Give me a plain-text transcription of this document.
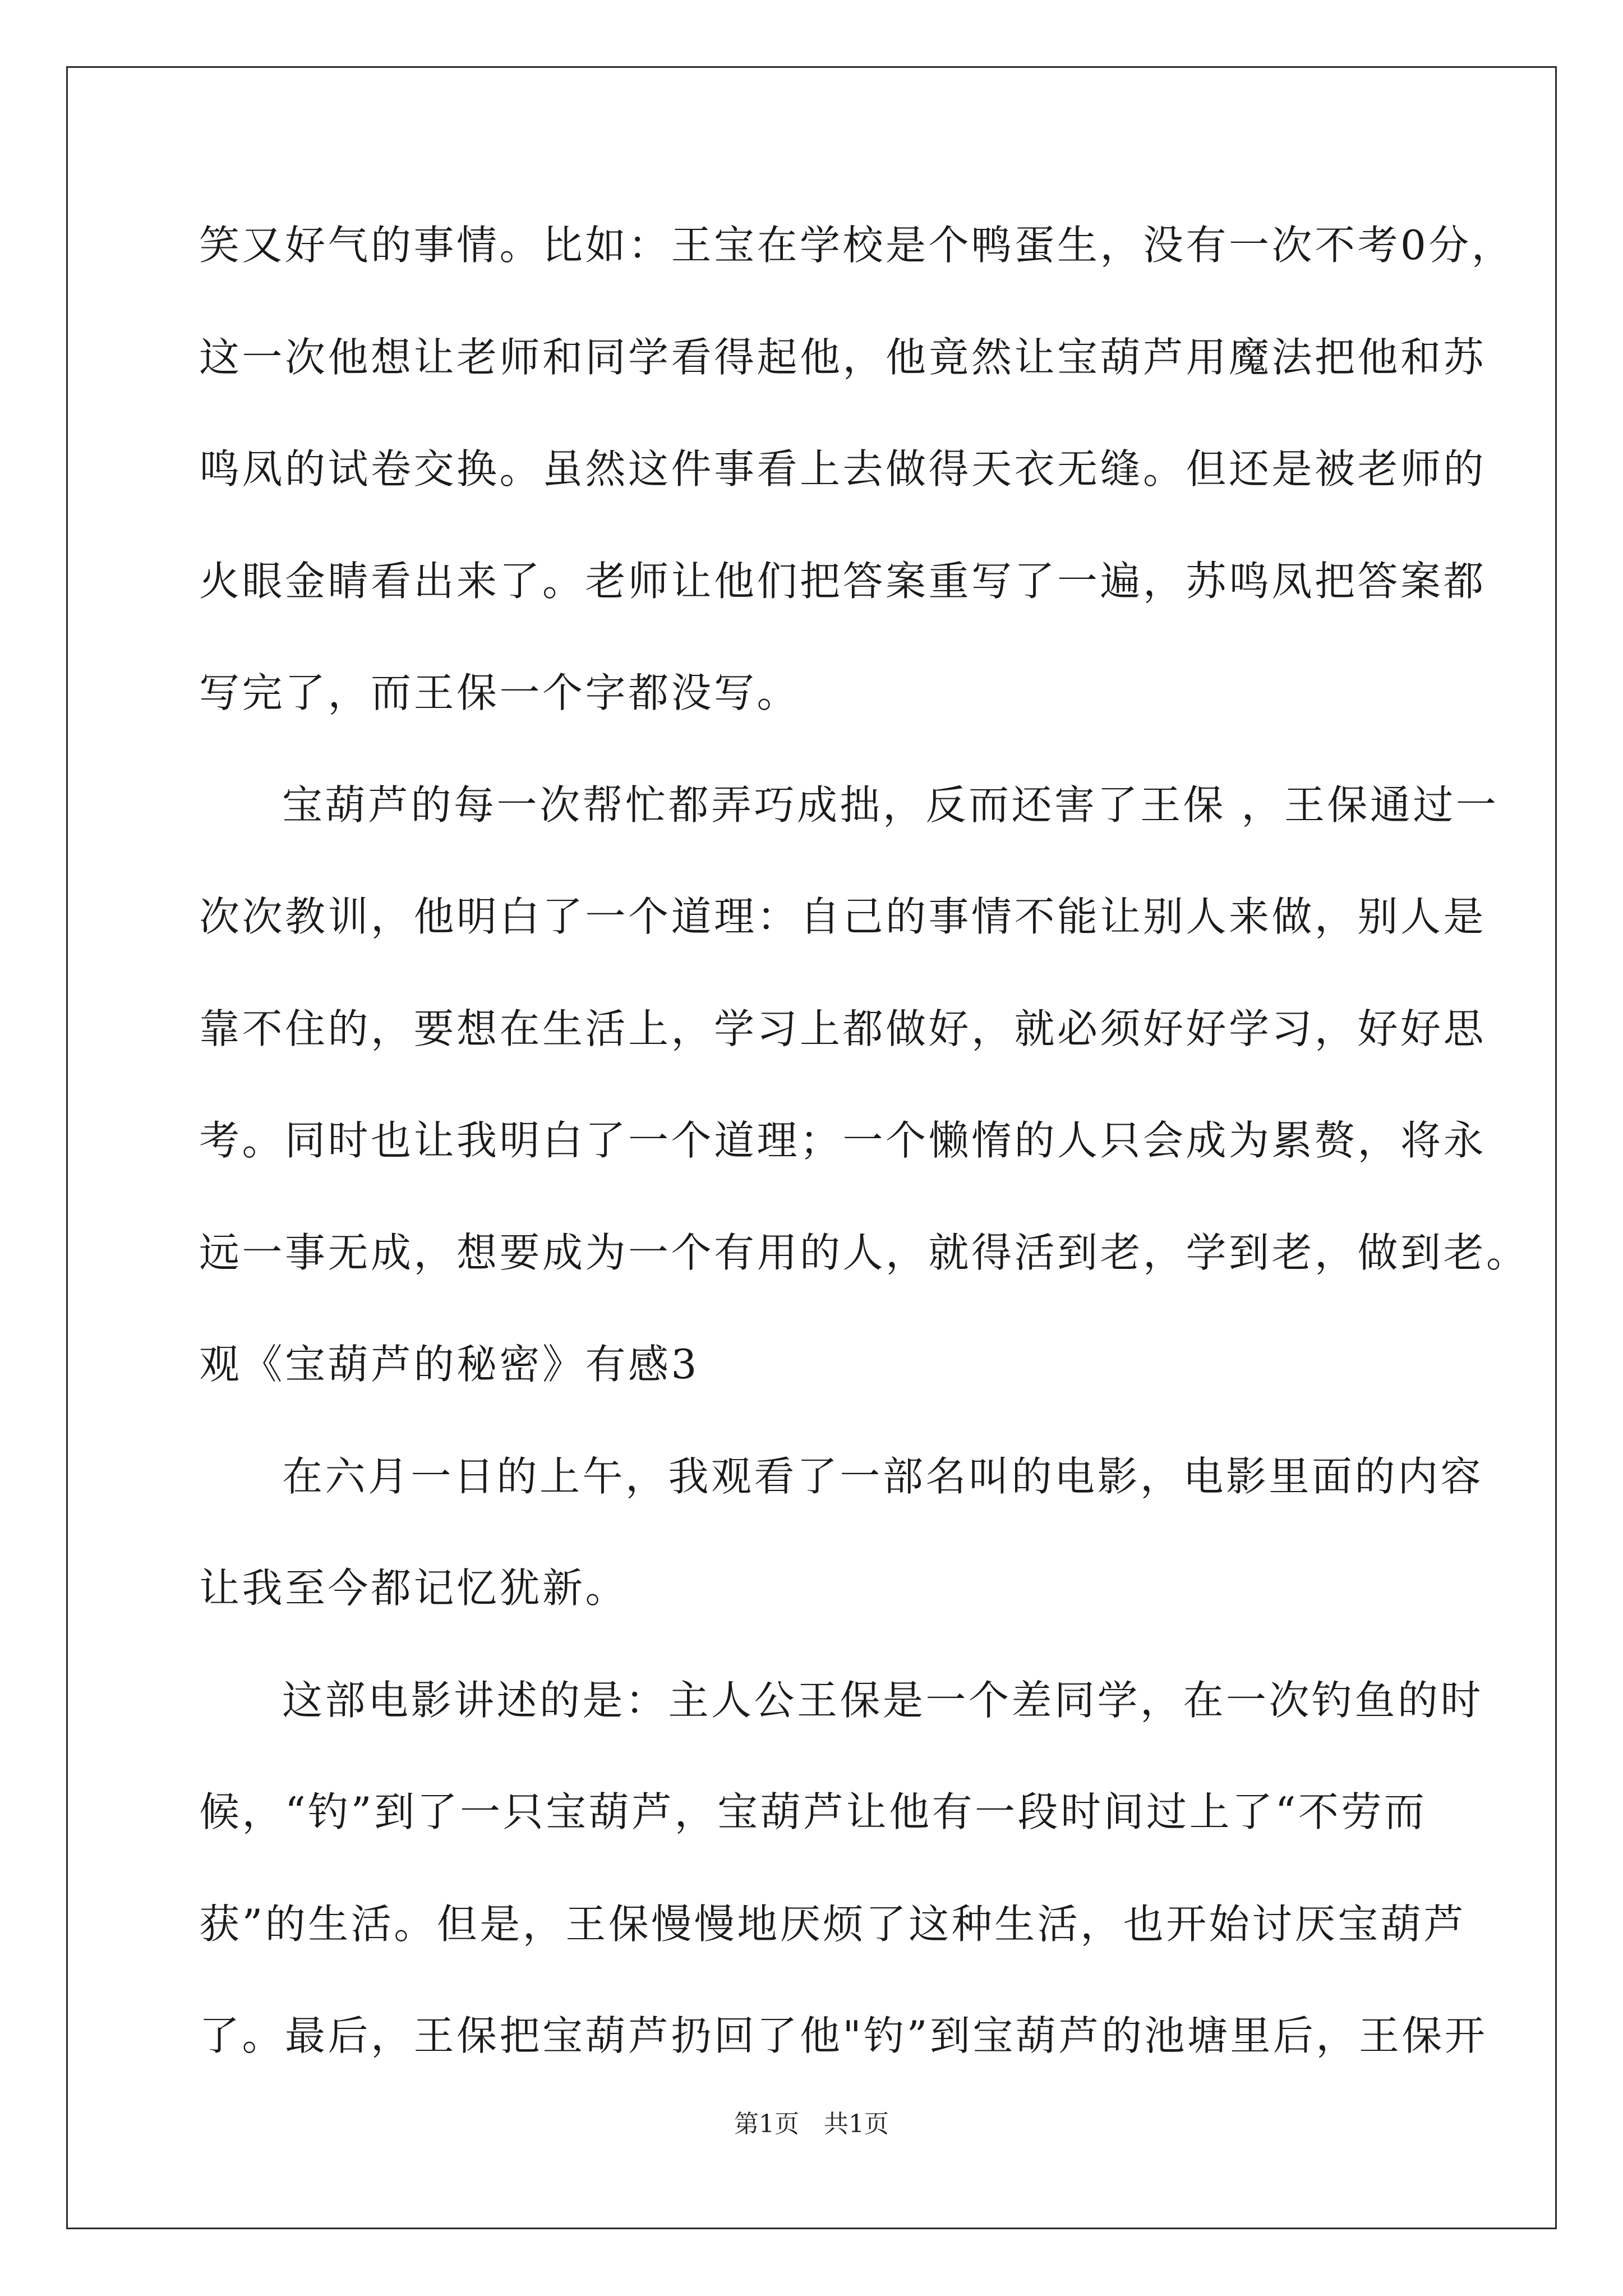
笑又好气的事情。比如：王宝在学校是个鸭蛋生，没有一次不考0分，
这一次他想让老师和同学看得起他，他竟然让宝葫芦用魔法把他和苏
鸣凤的试卷交换。虽然这件事看上去做得天衣无缝。但还是被老师的
火眼金睛看出来了。老师让他们把答案重写了一遍，苏鸣凤把答案都
写完了，而王保一个字都没写。
宝葫芦的每一次帮忙都弄巧成拙，反而还害了王保 ，王保通过一
次次教训，他明白了一个道理：自己的事情不能让别人来做，别人是
靠不住的，要想在生活上，学习上都做好，就必须好好学习，好好思
考。同时也让我明白了一个道理；一个懒惰的人只会成为累赘，将永
远一事无成，想要成为一个有用的人，就得活到老，学到老，做到老。
观《宝葫芦的秘密》有感3
在六月一日的上午，我观看了一部名叫的电影，电影里面的内容
让我至今都记忆犹新。
这部电影讲述的是：主人公王保是一个差同学，在一次钓鱼的时
候，“钓”到了一只宝葫芦，宝葫芦让他有一段时间过上了“不劳而
获”的生活。但是，王保慢慢地厌烦了这种生活，也开始讨厌宝葫芦
了。最后，王保把宝葫芦扔回了他"钓”到宝葫芦的池塘里后，王保开
第1页　共1页
